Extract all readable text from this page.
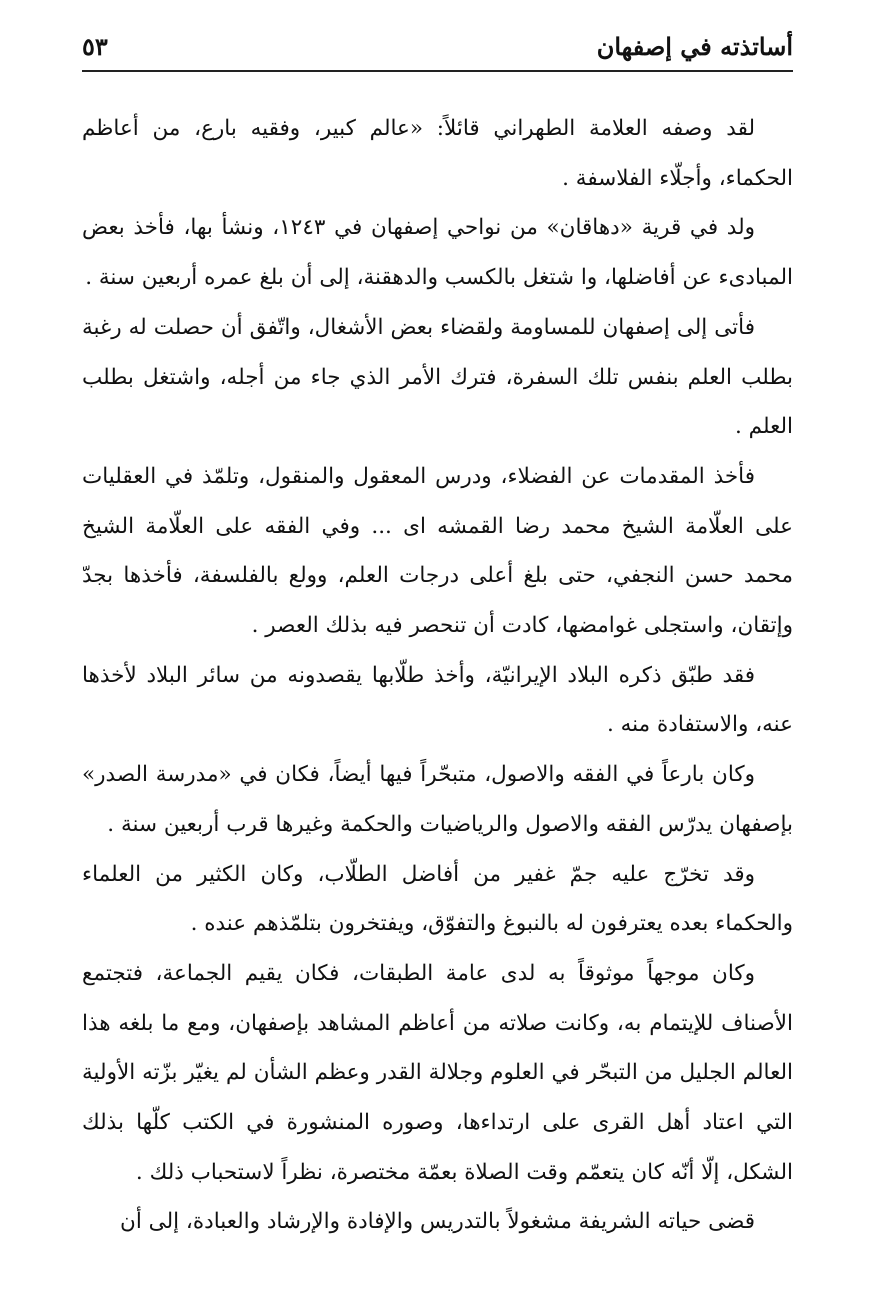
أساتذته في إصفهان
٥٣

لقد وصفه العلامة الطهراني قائلاً: «عالم كبير، وفقيه بارع، من أعاظم الحكماء، وأجلّاء الفلاسفة .

ولد في قرية «دهاقان» من نواحي إصفهان في ١٢٤٣، ونشأ بها، فأخذ بعض المبادىء عن أفاضلها، وا شتغل بالكسب والدهقنة، إلى أن بلغ عمره أربعين سنة .

فأتى إلى إصفهان للمساومة ولقضاء بعض الأشغال، واتّفق أن حصلت له رغبة بطلب العلم بنفس تلك السفرة، فترك الأمر الذي جاء من أجله، واشتغل بطلب العلم .

فأخذ المقدمات عن الفضلاء، ودرس المعقول والمنقول، وتلمّذ في العقليات على العلّامة الشيخ محمد رضا القمشه اى ... وفي الفقه على العلّامة الشيخ محمد حسن النجفي، حتى بلغ أعلى درجات العلم، وولع بالفلسفة، فأخذها بجدّ وإتقان، واستجلى غوامضها، كادت أن تنحصر فيه بذلك العصر .

فقد طبّق ذكره البلاد الإيرانيّة، وأخذ طلّابها يقصدونه من سائر البلاد لأخذها عنه، والاستفادة منه .

وكان بارعاً في الفقه والاصول، متبحّراً فيها أيضاً، فكان في «مدرسة الصدر» بإصفهان يدرّس الفقه والاصول والرياضيات والحكمة وغيرها قرب أربعين سنة .

وقد تخرّج عليه جمّ غفير من أفاضل الطلّاب، وكان الكثير من العلماء والحكماء بعده يعترفون له بالنبوغ والتفوّق، ويفتخرون بتلمّذهم عنده .

وكان موجهاً موثوقاً به لدى عامة الطبقات، فكان يقيم الجماعة، فتجتمع الأصناف للإيتمام به، وكانت صلاته من أعاظم المشاهد بإصفهان، ومع ما بلغه هذا العالم الجليل من التبحّر في العلوم وجلالة القدر وعظم الشأن لم يغيّر بزّته الأولية التي اعتاد أهل القرى على ارتداءها، وصوره المنشورة في الكتب كلّها بذلك الشكل، إلّا أنّه كان يتعمّم وقت الصلاة بعمّة مختصرة، نظراً لاستحباب ذلك .

قضى حياته الشريفة مشغولاً بالتدريس والإفادة والإرشاد والعبادة، إلى أن
